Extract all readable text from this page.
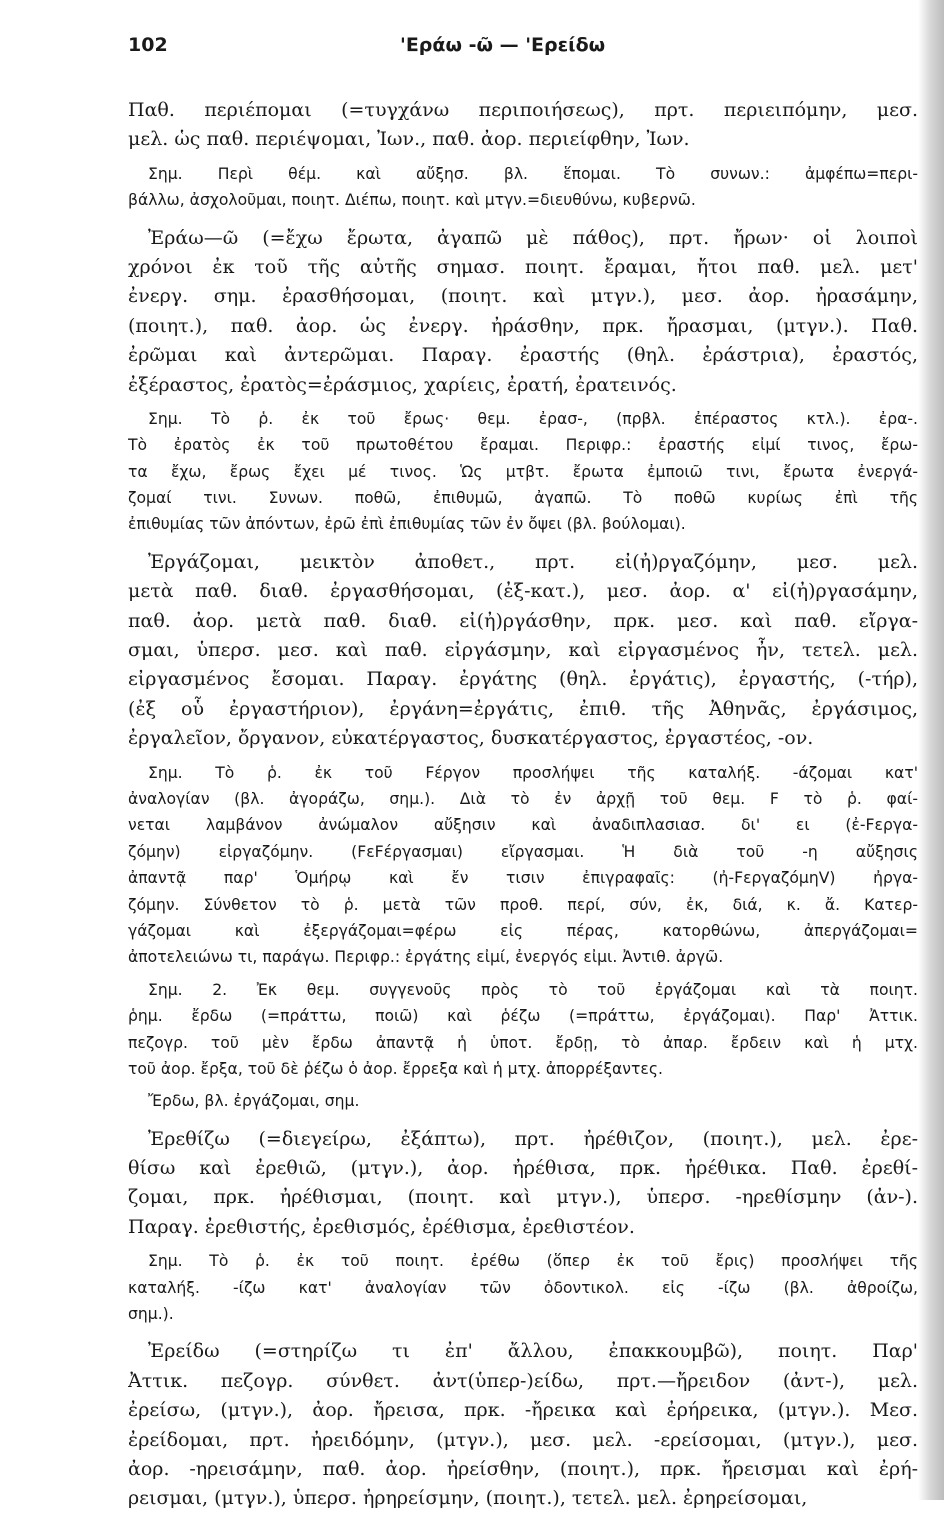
102	'Εράω -ῶ — 'Ερείδω
Παθ. περιέπομαι (=τυγχάνω περιποιήσεως), πρτ. περιειπόμην, μεσ.
μελ. ὡς παθ. περιέψομαι, Ἰων., παθ. ἀορ. περιείφθην, Ἰων.
Σημ. Περὶ θέμ. καὶ αὔξησ. βλ. ἕπομαι. Τὸ συνων.: ἀμφέπω=περι-
βάλλω, ἀσχολοῦμαι, ποιητ. Διέπω, ποιητ. καὶ μτγν.=διευθύνω, κυβερνῶ.
Ἐράω—ῶ (=ἔχω ἔρωτα, ἀγαπῶ μὲ πάθος), πρτ. ἤρων· οἱ λοιποὶ
χρόνοι ἐκ τοῦ τῆς αὐτῆς σημασ. ποιητ. ἔραμαι, ἤτοι παθ. μελ. μετ'
ἐνεργ. σημ. ἐρασθήσομαι, (ποιητ. καὶ μτγν.), μεσ. ἀορ. ἠρασάμην,
(ποιητ.), παθ. ἀορ. ὡς ἐνεργ. ἠράσθην, πρκ. ἤρασμαι, (μτγν.). Παθ.
ἐρῶμαι καὶ ἀντερῶμαι. Παραγ. ἐραστής (θηλ. ἐράστρια), ἐραστός,
ἐξέραστος, ἐρατὸς=ἐράσμιος, χαρίεις, ἐρατή, ἐρατεινός.
Σημ. Τὸ ῥ. ἐκ τοῦ ἔρως· θεμ. ἐρασ-, (πρβλ. ἐπέραστος κτλ.). ἐρα-.
Τὸ ἐρατὸς ἐκ τοῦ πρωτοθέτου ἔραμαι. Περιφρ.: ἐραστής εἰμί τινος, ἔρω-
τα ἔχω, ἔρως ἔχει μέ τινος. Ὡς μτβτ. ἔρωτα ἐμποιῶ τινι, ἔρωτα ἐνεργά-
ζομαί τινι. Συνων. ποθῶ, ἐπιθυμῶ, ἀγαπῶ. Τὸ ποθῶ κυρίως ἐπὶ τῆς
ἐπιθυμίας τῶν ἀπόντων, ἐρῶ ἐπὶ ἐπιθυμίας τῶν ἐν ὄψει (βλ. βούλομαι).
Ἐργάζομαι, μεικτὸν ἀποθετ., πρτ. εἰ(ἠ)ργαζόμην, μεσ. μελ.
μετὰ παθ. διαθ. ἐργασθήσομαι, (ἐξ-κατ.), μεσ. ἀορ. α' εἰ(ἠ)ργασάμην,
παθ. ἀορ. μετὰ παθ. διαθ. εἰ(ἠ)ργάσθην, πρκ. μεσ. καὶ παθ. εἴργα-
σμαι, ὑπερσ. μεσ. καὶ παθ. εἰργάσμην, καὶ εἰργασμένος ἦν, τετελ. μελ.
εἰργασμένος ἔσομαι. Παραγ. ἐργάτης (θηλ. ἐργάτις), ἐργαστής, (-τήρ),
(ἐξ οὗ ἐργαστήριον), ἐργάνη=ἐργάτις, ἐπιθ. τῆς Ἀθηνᾶς, ἐργάσιμος,
ἐργαλεῖον, ὄργανον, εὐκατέργαστος, δυσκατέργαστος, ἐργαστέος, -ον.
Σημ. Τὸ ῥ. ἐκ τοῦ Fέργον προσλήψει τῆς καταλήξ. -άζομαι κατ'
ἀναλογίαν (βλ. ἀγοράζω, σημ.). Διὰ τὸ ἐν ἀρχῇ τοῦ θεμ. F τὸ ῥ. φαί-
νεται λαμβάνον ἀνώμαλον αὔξησιν καὶ ἀναδιπλασιασ. δι' ει (ἐ-Fεργα-
ζόμην) εἰργαζόμην. (FεFέργασμαι) εἴργασμαι. Ἡ διὰ τοῦ -η αὔξησις
ἀπαντᾷ παρ' Ὁμήρῳ καὶ ἔν τισιν ἐπιγραφαῖς: (ἠ-FεργαζόμηV) ἠργα-
ζόμην. Σύνθετον τὸ ῥ. μετὰ τῶν προθ. περί, σύν, ἐκ, διά, κ. ἄ. Κατερ-
γάζομαι καὶ ἐξεργάζομαι=φέρω εἰς πέρας, κατορθώνω, ἀπεργάζομαι=
ἀποτελειώνω τι, παράγω. Περιφρ.: ἐργάτης εἰμί, ἐνεργός εἰμι. Ἀντιθ. ἀργῶ.
Σημ. 2. Ἐκ θεμ. συγγενοῦς πρὸς τὸ τοῦ ἐργάζομαι καὶ τὰ ποιητ.
ῥημ. ἔρδω (=πράττω, ποιῶ) καὶ ῥέζω (=πράττω, ἐργάζομαι). Παρ' Ἀττικ.
πεζογρ. τοῦ μὲν ἔρδω ἀπαντᾷ ἡ ὑποτ. ἔρδῃ, τὸ ἀπαρ. ἔρδειν καὶ ἡ μτχ.
τοῦ ἀορ. ἔρξα, τοῦ δὲ ῥέζω ὁ ἀορ. ἔρρεξα καὶ ἡ μτχ. ἀπορρέξαντες.
Ἔρδω, βλ. ἐργάζομαι, σημ.
Ἐρεθίζω (=διεγείρω, ἐξάπτω), πρτ. ἠρέθιζον, (ποιητ.), μελ. ἐρε-
θίσω καὶ ἐρεθιῶ, (μτγν.), ἀορ. ἠρέθισα, πρκ. ἠρέθικα. Παθ. ἐρεθί-
ζομαι, πρκ. ἠρέθισμαι, (ποιητ. καὶ μτγν.), ὑπερσ. -ηρεθίσμην (ἀν-).
Παραγ. ἐρεθιστής, ἐρεθισμός, ἐρέθισμα, ἐρεθιστέον.
Σημ. Τὸ ῥ. ἐκ τοῦ ποιητ. ἐρέθω (ὅπερ ἐκ τοῦ ἔρις) προσλήψει τῆς
καταλήξ. -ίζω κατ' ἀναλογίαν τῶν ὀδοντικολ. εἰς -ίζω (βλ. ἀθροίζω,
σημ.).
Ἐρείδω (=στηρίζω τι ἐπ' ἄλλου, ἐπακκουμβῶ), ποιητ. Παρ'
Ἀττικ. πεζογρ. σύνθετ. ἀντ(ὑπερ-)είδω, πρτ.—ἤρειδον (ἀντ-), μελ.
ἐρείσω, (μτγν.), ἀορ. ἤρεισα, πρκ. -ἤρεικα καὶ ἐρήρεικα, (μτγν.). Μεσ.
ἐρείδομαι, πρτ. ἠρειδόμην, (μτγν.), μεσ. μελ. -ερείσομαι, (μτγν.), μεσ.
ἀορ. -ηρεισάμην, παθ. ἀορ. ἠρείσθην, (ποιητ.), πρκ. ἤρεισμαι καὶ ἐρή-
ρεισμαι, (μτγν.), ὑπερσ. ἠρηρείσμην, (ποιητ.), τετελ. μελ. ἐρηρείσομαι,
